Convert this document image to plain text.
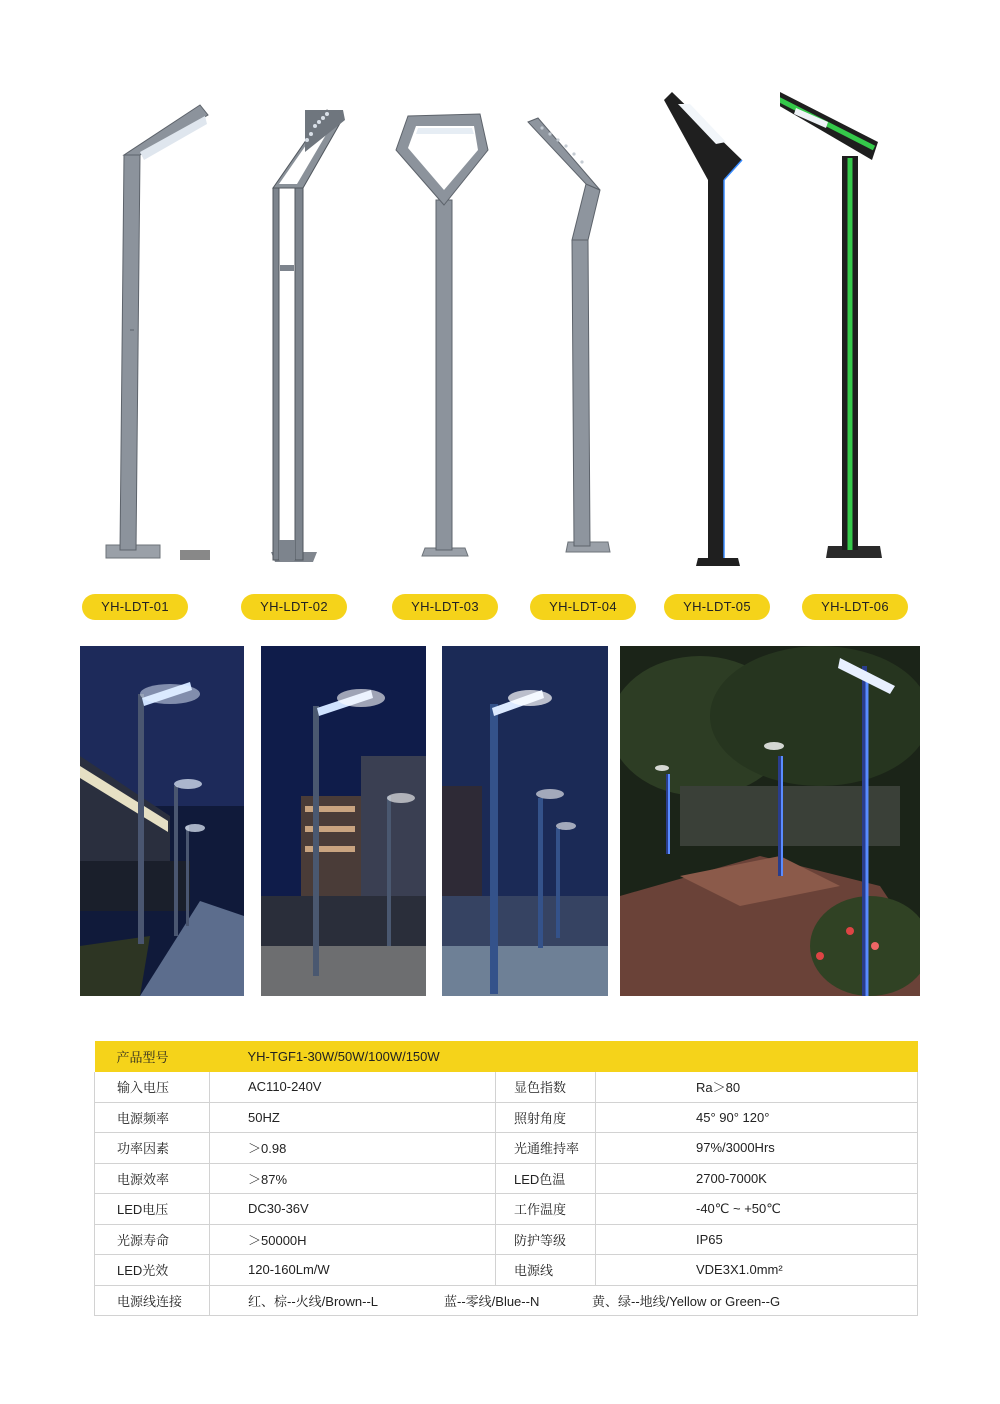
YH-LDT-01	YH-LDT-02	YH-LDT-03	YH-LDT-04	YH-LDT-05	YH-LDT-06
产品型号	YH-TGF1-30W/50W/100W/150W		
输入电压	AC110-240V	显色指数	Ra＞80
电源频率	50HZ	照射角度	45° 90° 120°
功率因素	＞0.98	光通维持率	97%/3000Hrs
电源效率	＞87%	LED色温	2700-7000K
LED电压	DC30-36V	工作温度	-40℃ ~ +50℃
光源寿命	＞50000H	防护等级	IP65
LED光效	120-160Lm/W	电源线	VDE3X1.0mm²
电源线连接	红、棕--火线/Brown--L 蓝--零线/Blue--N 黄、绿--地线/Yellow or Green--G		
